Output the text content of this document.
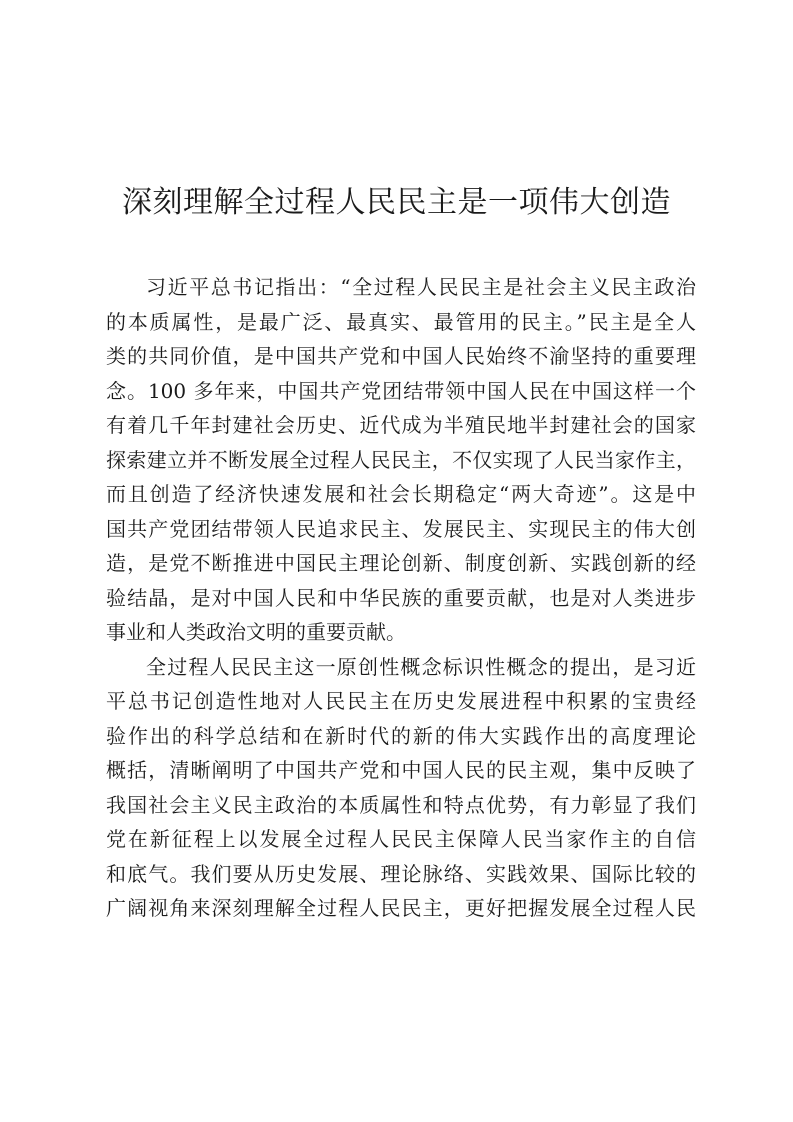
深刻理解全过程人民民主是一项伟大创造
习近平总书记指出：“全过程人民民主是社会主义民主政治
的本质属性，是最广泛、最真实、最管用的民主。”民主是全人
类的共同价值，是中国共产党和中国人民始终不渝坚持的重要理
念。100 多年来，中国共产党团结带领中国人民在中国这样一个
有着几千年封建社会历史、近代成为半殖民地半封建社会的国家
探索建立并不断发展全过程人民民主，不仅实现了人民当家作主，
而且创造了经济快速发展和社会长期稳定“两大奇迹”。这是中
国共产党团结带领人民追求民主、发展民主、实现民主的伟大创
造，是党不断推进中国民主理论创新、制度创新、实践创新的经
验结晶，是对中国人民和中华民族的重要贡献，也是对人类进步
事业和人类政治文明的重要贡献。
全过程人民民主这一原创性概念标识性概念的提出，是习近
平总书记创造性地对人民民主在历史发展进程中积累的宝贵经
验作出的科学总结和在新时代的新的伟大实践作出的高度理论
概括，清晰阐明了中国共产党和中国人民的民主观，集中反映了
我国社会主义民主政治的本质属性和特点优势，有力彰显了我们
党在新征程上以发展全过程人民民主保障人民当家作主的自信
和底气。我们要从历史发展、理论脉络、实践效果、国际比较的
广阔视角来深刻理解全过程人民民主，更好把握发展全过程人民
